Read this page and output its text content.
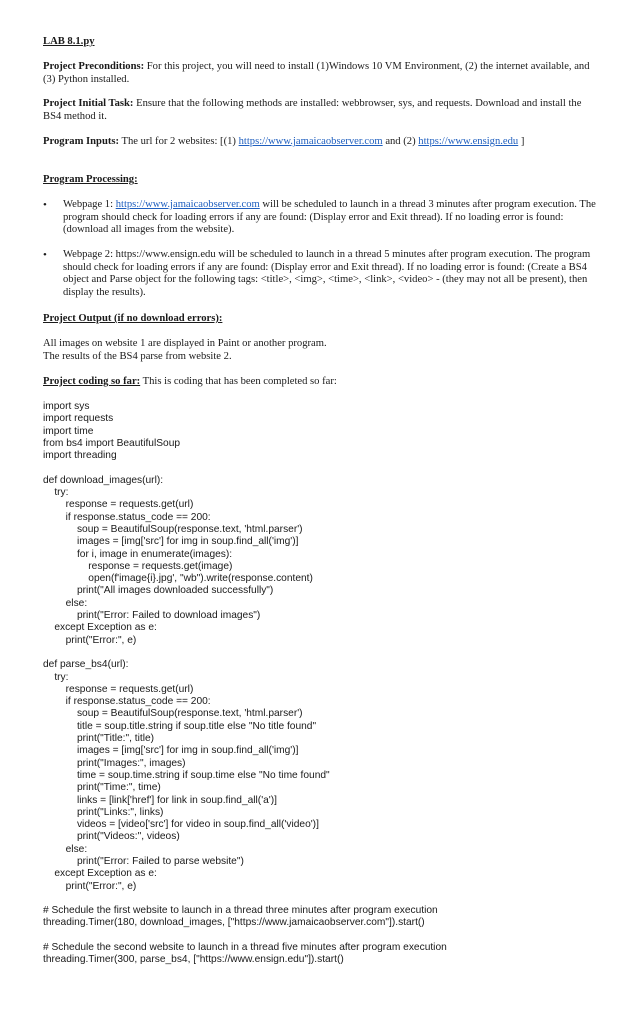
LAB 8.1.py

Project Preconditions: For this project, you will need to install (1)Windows 10 VM Environment, (2) the internet available, and (3) Python installed.

Project Initial Task: Ensure that the following methods are installed: webbrowser, sys, and requests. Download and install the BS4 method it.

Program Inputs: The url for 2 websites: [(1) https://www.jamaicaobserver.com and (2) https://www.ensign.edu ]

Program Processing:

• Webpage 1: https://www.jamaicaobserver.com will be scheduled to launch in a thread 3 minutes after program execution. The program should check for loading errors if any are found: (Display error and Exit thread). If no loading error is found: (download all images from the website).

• Webpage 2: https://www.ensign.edu will be scheduled to launch in a thread 5 minutes after program execution. The program should check for loading errors if any are found: (Display error and Exit thread). If no loading error is found: (Create a BS4 object and Parse object for the following tags: <title>, <img>, <time>, <link>, <video> - (they may not all be present), then display the results).

Project Output (if no download errors):

All images on website 1 are displayed in Paint or another program.

The results of the BS4 parse from website 2.

Project coding so far: This is coding that has been completed so far:

import sys
import requests
import time
from bs4 import BeautifulSoup
import threading

def download_images(url):
try:
response = requests.get(url)
if response.status_code == 200:
soup = BeautifulSoup(response.text, 'html.parser')
images = [img['src'] for img in soup.find_all('img')]
for i, image in enumerate(images):
response = requests.get(image)
open(f'image{i}.jpg', "wb").write(response.content)
print("All images downloaded successfully")
else:
print("Error: Failed to download images")
except Exception as e:
print("Error:", e)

def parse_bs4(url):
try:
response = requests.get(url)
if response.status_code == 200:
soup = BeautifulSoup(response.text, 'html.parser')
title = soup.title.string if soup.title else "No title found"
print("Title:", title)
images = [img['src'] for img in soup.find_all('img')]
print("Images:", images)
time = soup.time.string if soup.time else "No time found"
print("Time:", time)
links = [link['href'] for link in soup.find_all('a')]
print("Links:", links)
videos = [video['src'] for video in soup.find_all('video')]
print("Videos:", videos)
else:
print("Error: Failed to parse website")
except Exception as e:
print("Error:", e)

# Schedule the first website to launch in a thread three minutes after program execution
threading.Timer(180, download_images, ["https://www.jamaicaobserver.com"]).start()

# Schedule the second website to launch in a thread five minutes after program execution
threading.Timer(300, parse_bs4, ["https://www.ensign.edu"]).start()
